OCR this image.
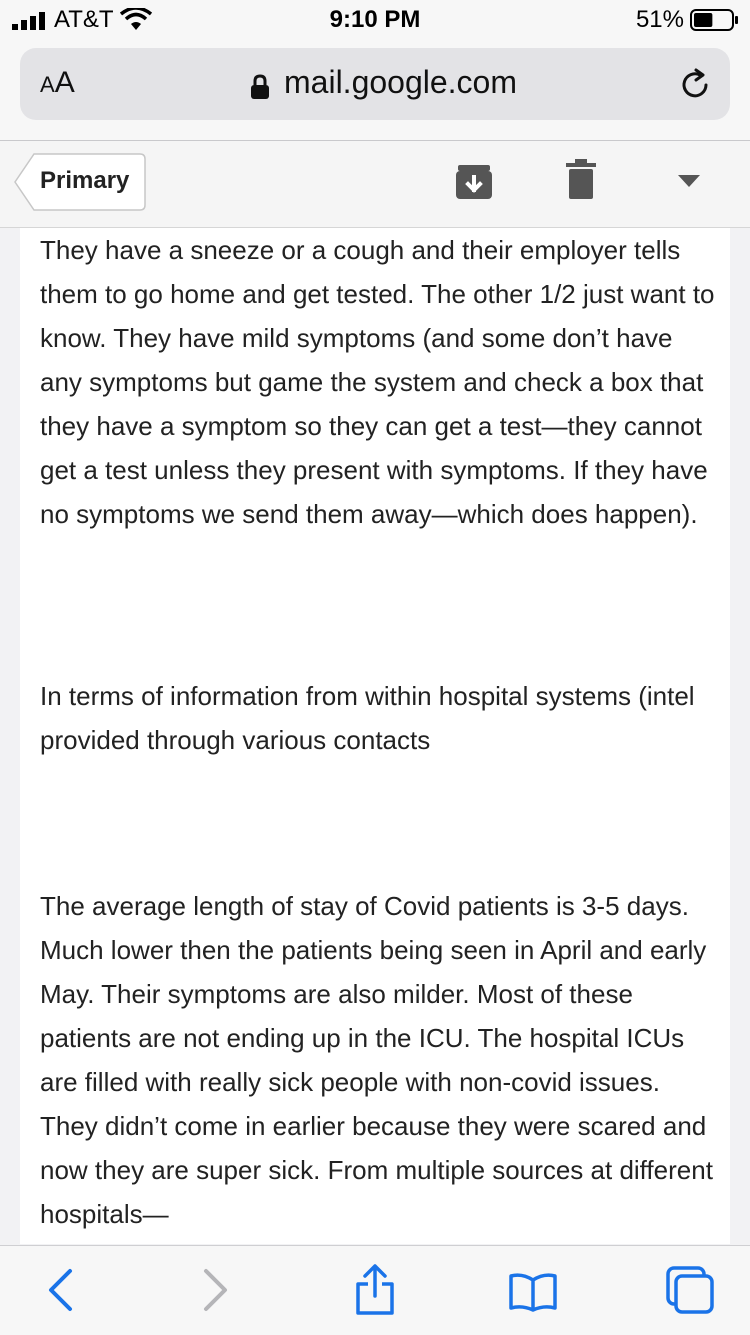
AT&T	9:10 PM	51%
AA	mail.google.com
Primary

They have a sneeze or a cough and their employer tells them to go home and get tested. The other 1/2 just want to know. They have mild symptoms (and some don’t have any symptoms but game the system and check a box that they have a symptom so they can get a test—they cannot get a test unless they present with symptoms. If they have no symptoms we send them away—which does happen).

In terms of information from within hospital systems (intel provided through various contacts

The average length of stay of Covid patients is 3-5 days. Much lower then the patients being seen in April and early May. Their symptoms are also milder. Most of these patients are not ending up in the ICU. The hospital ICUs are filled with really sick people with non-covid issues. They didn’t come in earlier because they were scared and now they are super sick. From multiple sources at different hospitals—
